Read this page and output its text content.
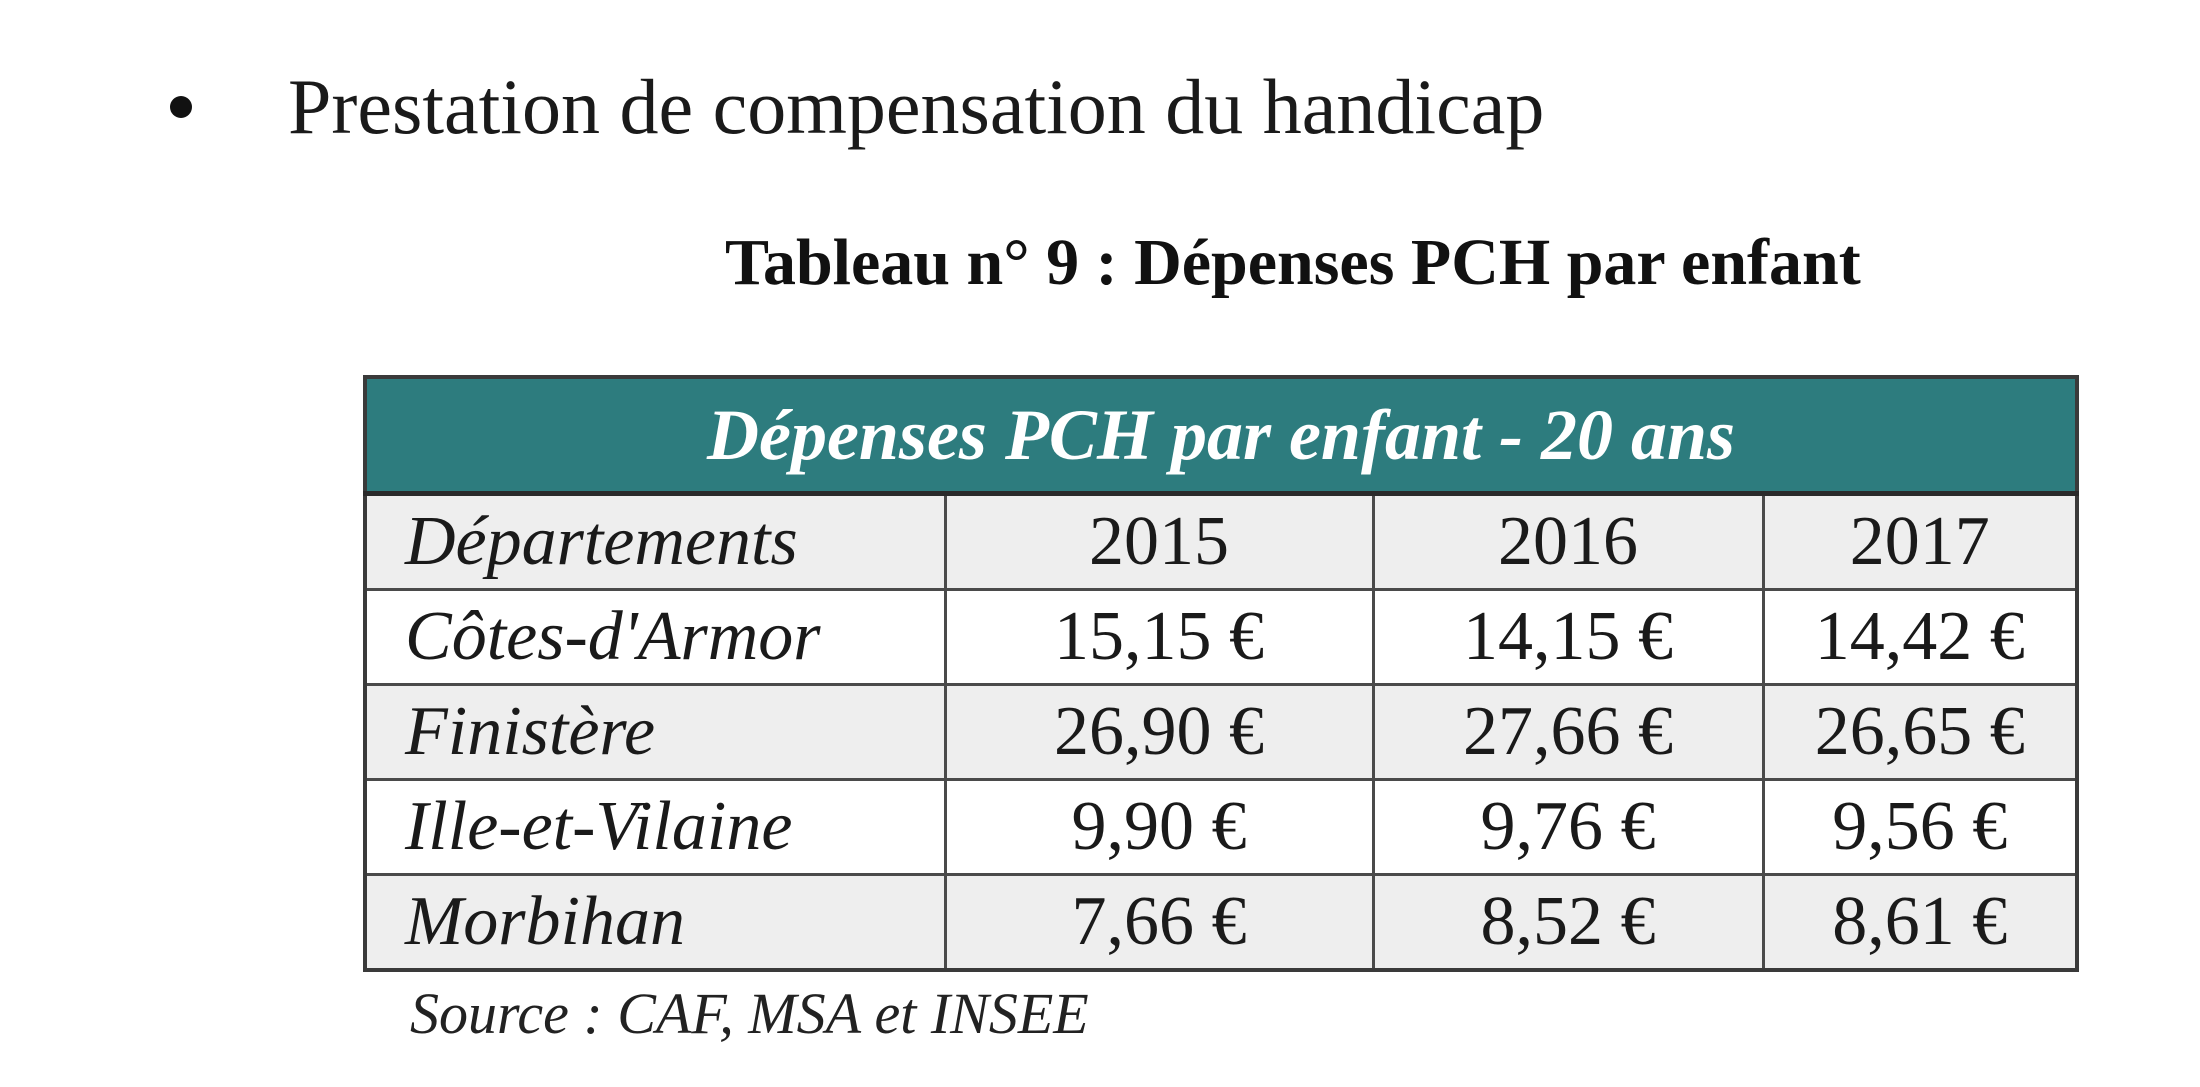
Prestation de compensation du handicap
Tableau n° 9 : Dépenses PCH par enfant
Dépenses PCH par enfant - 20 ans			
Départements	2015	2016	2017
Côtes-d'Armor	15,15 €	14,15 €	14,42 €
Finistère	26,90 €	27,66 €	26,65 €
Ille-et-Vilaine	9,90 €	9,76 €	9,56 €
Morbihan	7,66 €	8,52 €	8,61 €
Source : CAF, MSA et INSEE
